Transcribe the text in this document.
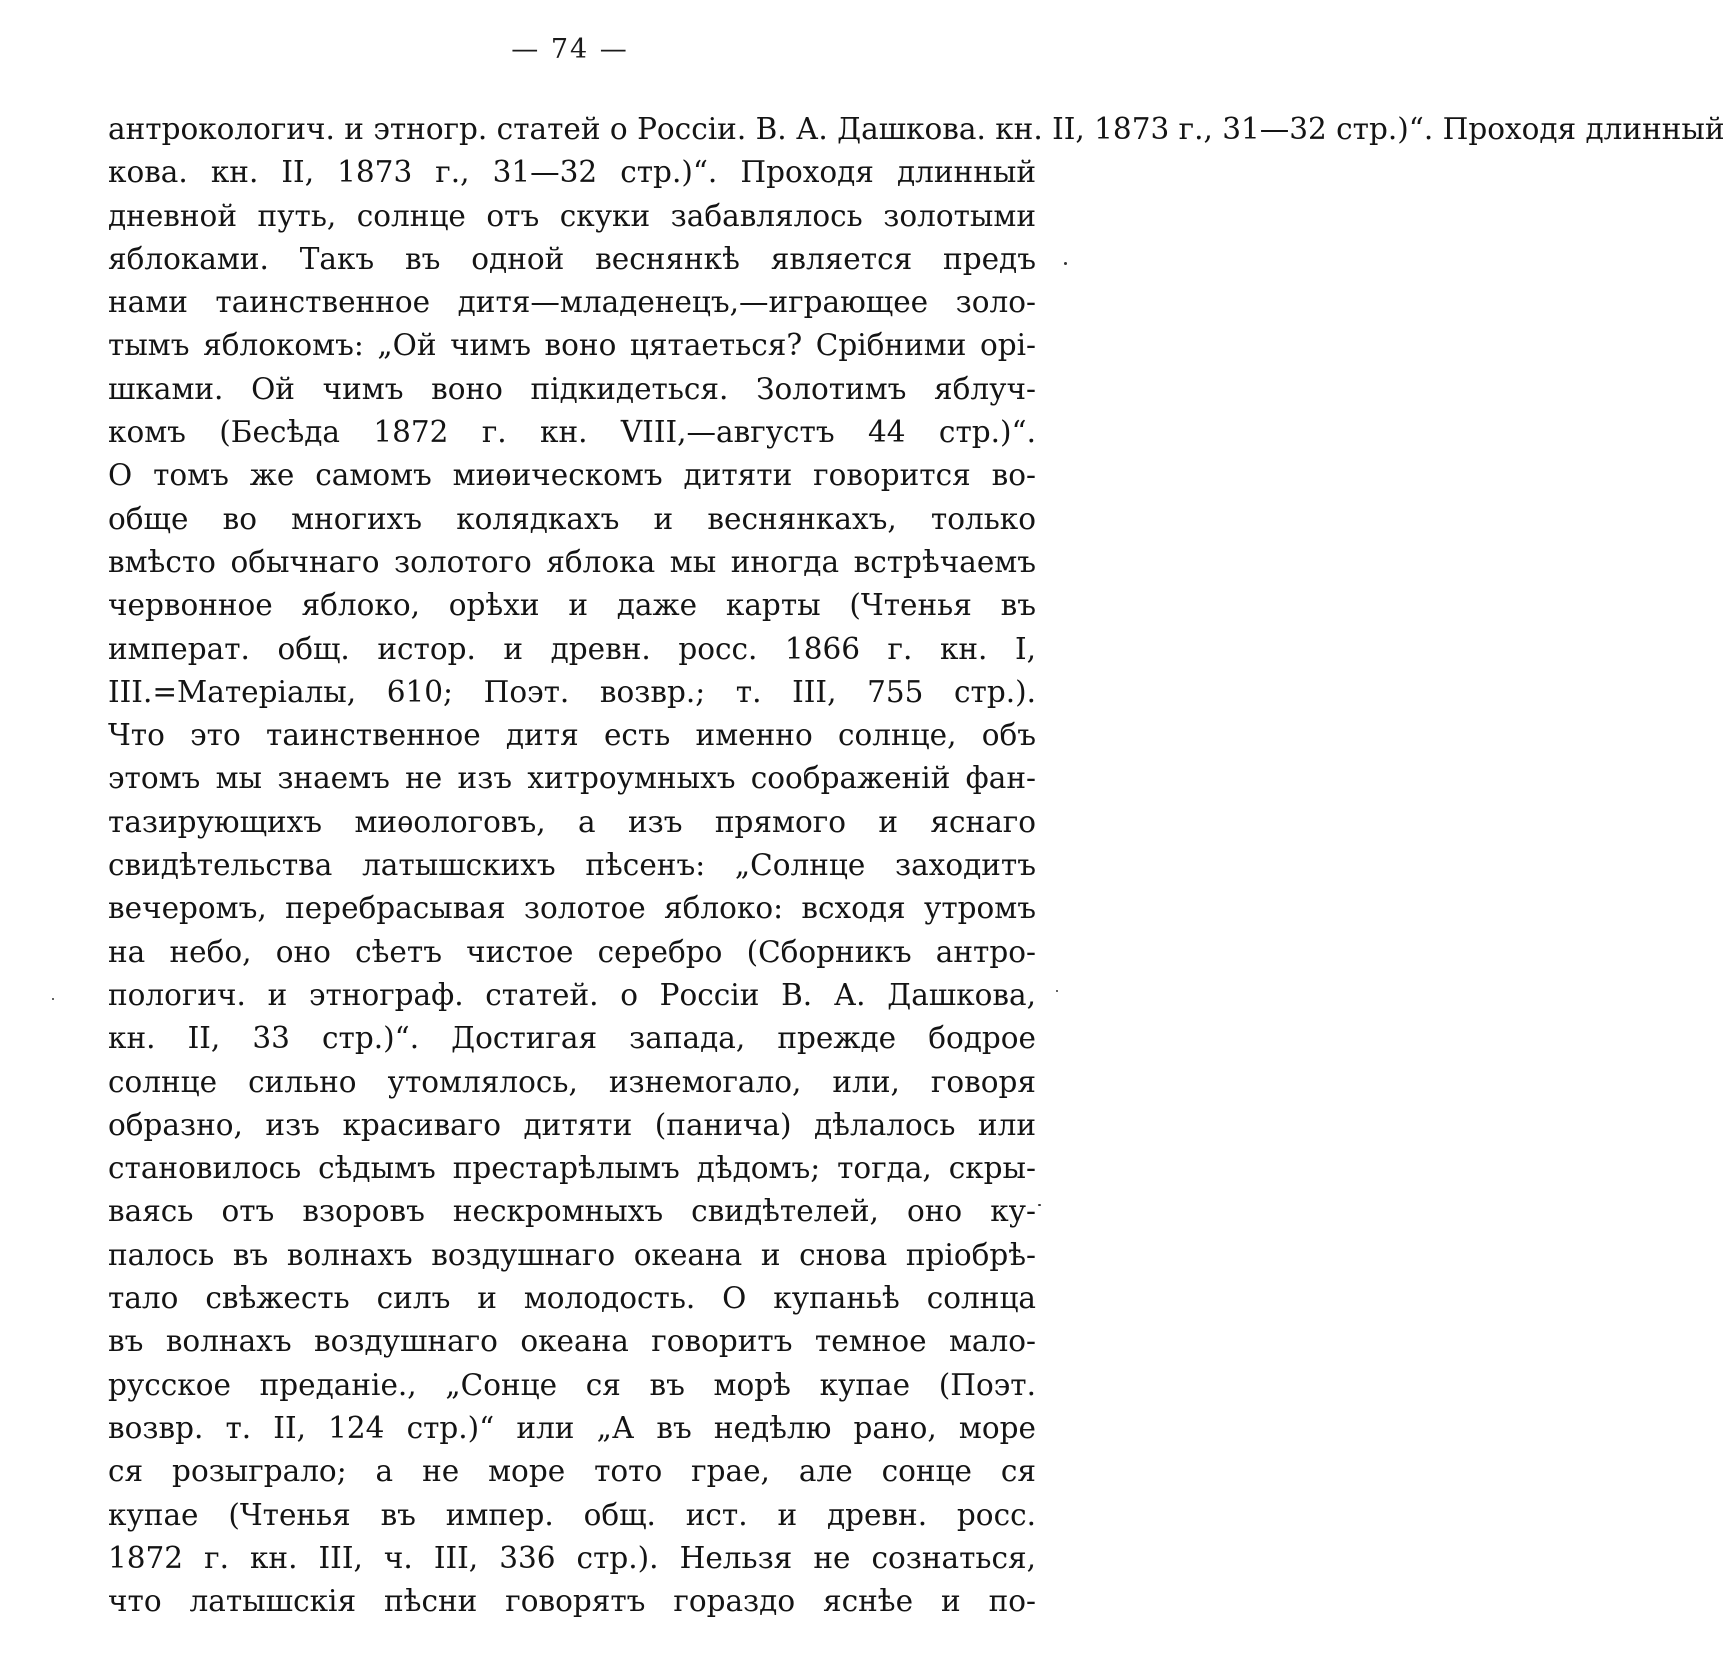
— 74 —
антрокологич. и этногр. статей о Россіи. В. А. Дашкова. кн. II, 1873 г., 31—32 стр.)“. Проходя длинный
кова. кн. II, 1873 г., 31—32 стр.)“. Проходя длинный
дневной путь, солнце отъ скуки забавлялось золотыми
яблоками. Такъ въ одной веснянкѣ является предъ
нами таинственное дитя—младенецъ,—играющее золо-
тымъ яблокомъ: „Ой чимъ воно цятаеться? Срібними орі-
шками. Ой чимъ воно підкидеться. Золотимъ яблуч-
комъ (Бесѣда 1872 г. кн. VIII,—августъ 44 стр.)“.
О томъ же самомъ миѳическомъ дитяти говорится во-
обще во многихъ колядкахъ и веснянкахъ, только
вмѣсто обычнаго золотого яблока мы иногда встрѣчаемъ
червонное яблоко, орѣхи и даже карты (Чтенья въ
императ. общ. истор. и древн. росс. 1866 г. кн. I,
III.=Матеріалы, 610; Поэт. возвр.; т. III, 755 стр.).
Что это таинственное дитя есть именно солнце, объ
этомъ мы знаемъ не изъ хитроумныхъ соображеній фан-
тазирующихъ миѳологовъ, а изъ прямого и яснаго
свидѣтельства латышскихъ пѣсенъ: „Солнце заходитъ
вечеромъ, перебрасывая золотое яблоко: всходя утромъ
на небо, оно сѣетъ чистое серебро (Сборникъ антро-
пологич. и этнограф. статей. о Россіи В. А. Дашкова,
кн. II, 33 стр.)“. Достигая запада, прежде бодрое
солнце сильно утомлялось, изнемогало, или, говоря
образно, изъ красиваго дитяти (панича) дѣлалось или
становилось сѣдымъ престарѣлымъ дѣдомъ; тогда, скры-
ваясь отъ взоровъ нескромныхъ свидѣтелей, оно ку-
палось въ волнахъ воздушнаго океана и снова пріобрѣ-
тало свѣжесть силъ и молодость. О купаньѣ солнца
въ волнахъ воздушнаго океана говоритъ темное мало-
русское преданіе., „Сонце ся въ морѣ купае (Поэт.
возвр. т. II, 124 стр.)“ или „А въ недѣлю рано, море
ся розыграло; а не море тото грае, але сонце ся
купае (Чтенья въ импер. общ. ист. и древн. росс.
1872 г. кн. III, ч. III, 336 стр.). Нельзя не сознаться,
что латышскія пѣсни говорятъ гораздо яснѣе и по-
